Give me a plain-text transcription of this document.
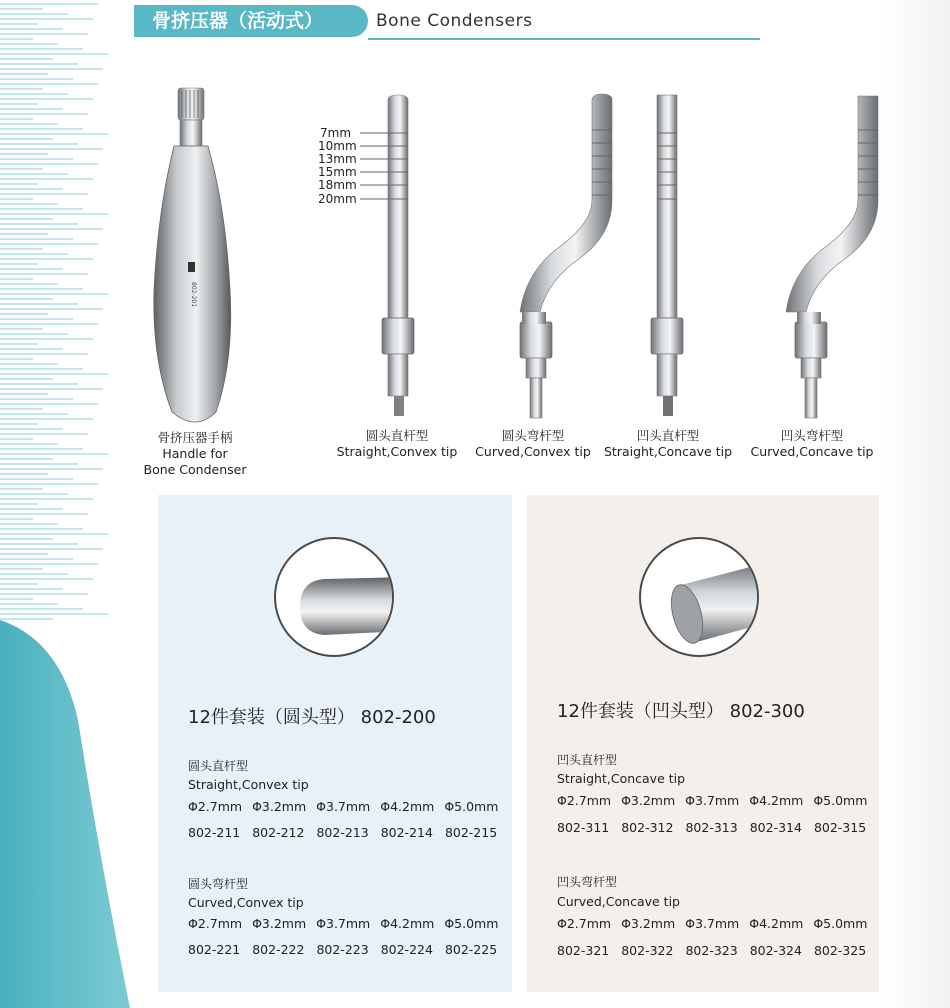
骨挤压器（活动式）	Bone Condensers
802-201
7mm
10mm
13mm
15mm
18mm
20mm
骨挤压器手柄
Handle for
Bone Condenser
圆头直杆型
Straight,Convex tip
圆头弯杆型
Curved,Convex tip
凹头直杆型
Straight,Concave tip
凹头弯杆型
Curved,Concave tip
12件套装（圆头型） 802-200
圆头直杆型
Straight,Convex tip
Φ2.7mm Φ3.2mm Φ3.7mm Φ4.2mm Φ5.0mm
802-211 802-212 802-213 802-214 802-215
圆头弯杆型
Curved,Convex tip
Φ2.7mm Φ3.2mm Φ3.7mm Φ4.2mm Φ5.0mm
802-221 802-222 802-223 802-224 802-225
12件套装（凹头型） 802-300
凹头直杆型
Straight,Concave tip
Φ2.7mm Φ3.2mm Φ3.7mm Φ4.2mm Φ5.0mm
802-311 802-312 802-313 802-314 802-315
凹头弯杆型
Curved,Concave tip
Φ2.7mm Φ3.2mm Φ3.7mm Φ4.2mm Φ5.0mm
802-321 802-322 802-323 802-324 802-325
